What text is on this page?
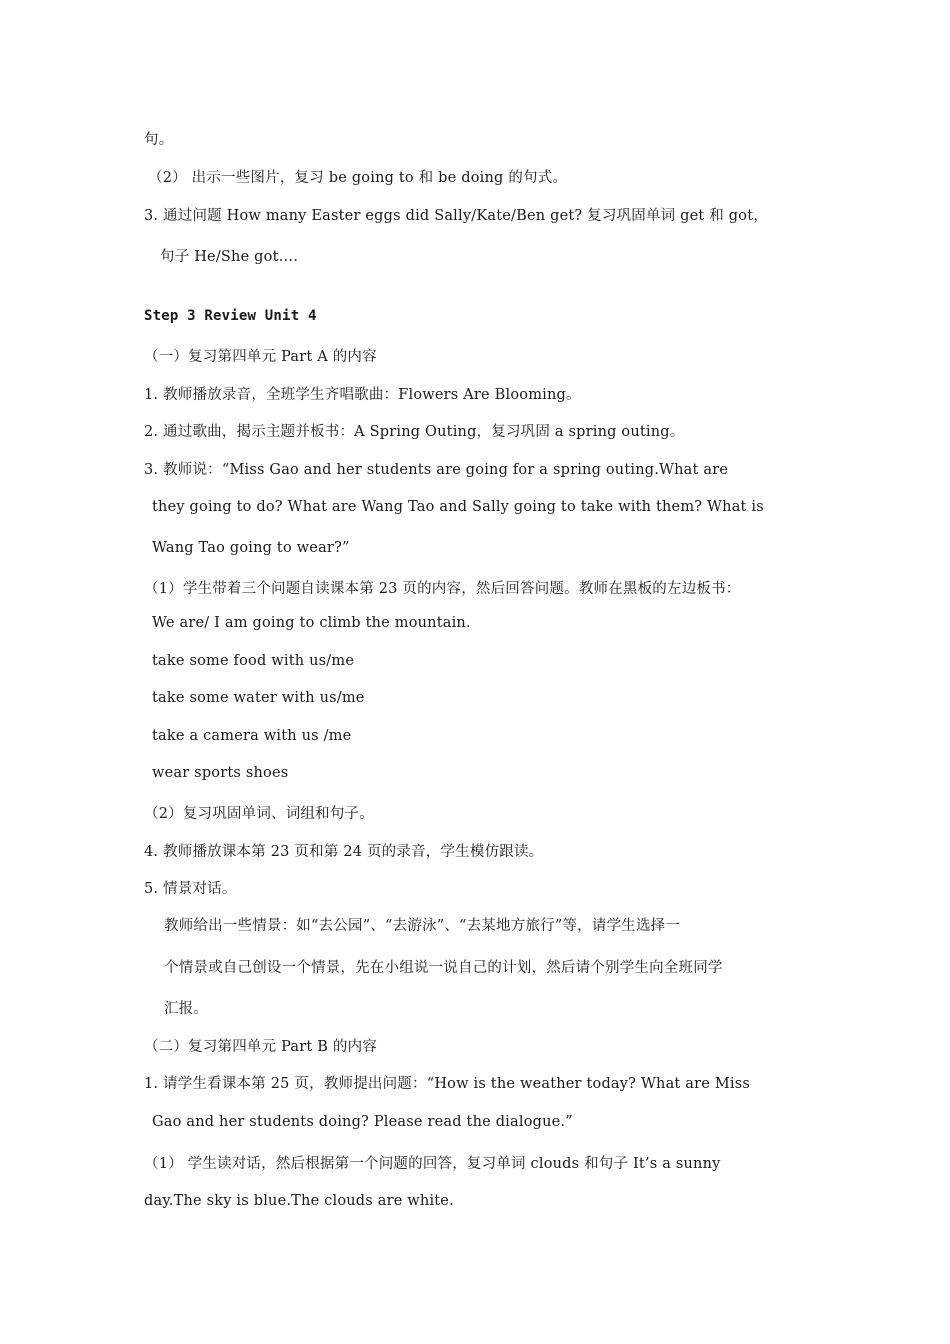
句。
（2） 出示一些图片，复习 be going to 和 be doing 的句式。
3. 通过问题 How many Easter eggs did Sally/Kate/Ben get? 复习巩固单词 get 和 got，
句子 He/She got….
Step 3 Review Unit 4
（一）复习第四单元 Part A 的内容
1. 教师播放录音，全班学生齐唱歌曲：Flowers Are Blooming。
2. 通过歌曲，揭示主题并板书：A Spring Outing，复习巩固 a spring outing。
3. 教师说：“Miss Gao and her students are going for a spring outing.What are
they going to do? What are Wang Tao and Sally going to take with them? What is
Wang Tao going to wear?”
（1）学生带着三个问题自读课本第 23 页的内容，然后回答问题。教师在黑板的左边板书：
We are/ I am going to climb the mountain.
take some food with us/me
take some water with us/me
take a camera with us /me
wear sports shoes
（2）复习巩固单词、词组和句子。
4. 教师播放课本第 23 页和第 24 页的录音，学生模仿跟读。
5. 情景对话。
教师给出一些情景：如“去公园”、“去游泳”、“去某地方旅行”等，请学生选择一
个情景或自己创设一个情景，先在小组说一说自己的计划，然后请个别学生向全班同学
汇报。
（二）复习第四单元 Part B 的内容
1. 请学生看课本第 25 页，教师提出问题：“How is the weather today? What are Miss
Gao and her students doing? Please read the dialogue.”
（1） 学生读对话，然后根据第一个问题的回答，复习单词 clouds 和句子 It’s a sunny
day.The sky is blue.The clouds are white.
